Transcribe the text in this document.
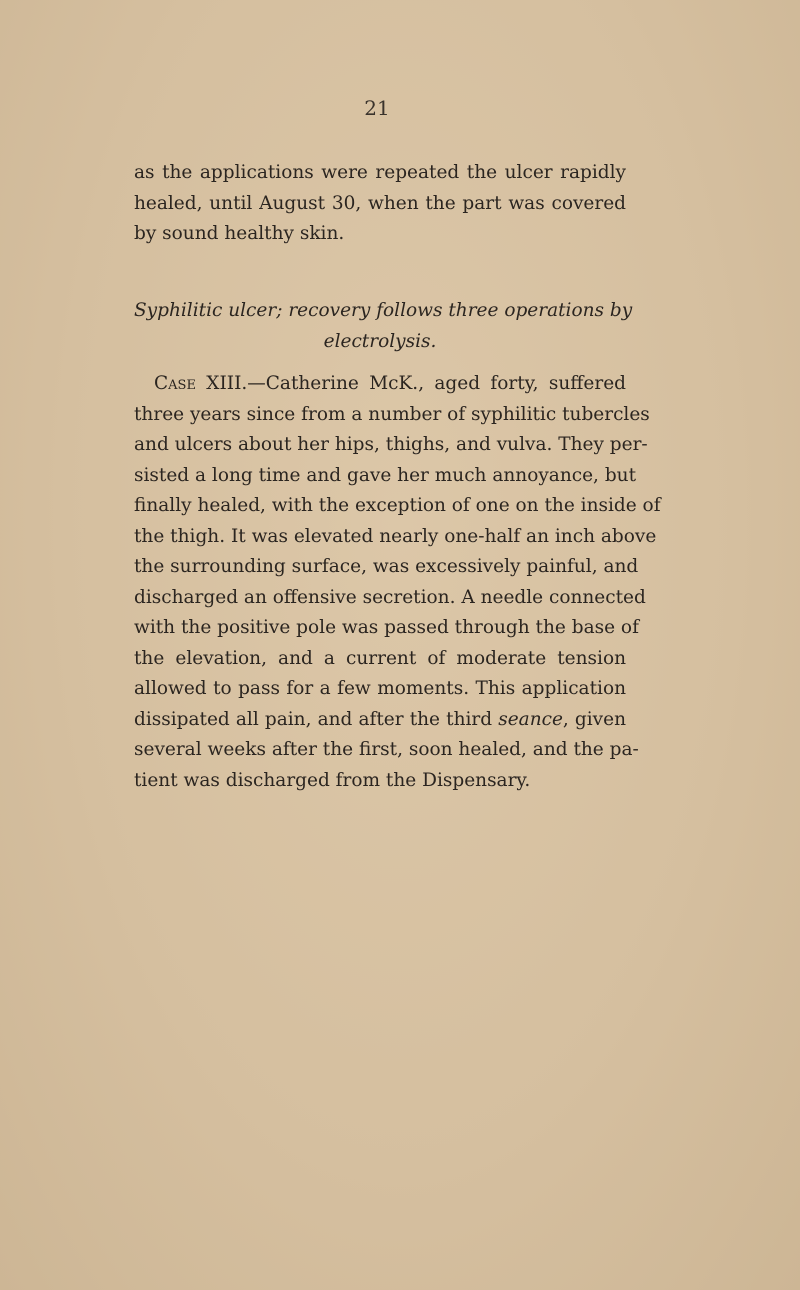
21
as the applications were repeated the ulcer rapidly
healed, until August 30, when the part was covered
by sound healthy skin.
Syphilitic ulcer; recovery follows three operations by
electrolysis.
Case XIII.—Catherine McK., aged forty, suffered
three years since from a number of syphilitic tubercles
and ulcers about her hips, thighs, and vulva. They per-
sisted a long time and gave her much annoyance, but
finally healed, with the exception of one on the inside of
the thigh. It was elevated nearly one-half an inch above
the surrounding surface, was excessively painful, and
discharged an offensive secretion. A needle connected
with the positive pole was passed through the base of
the elevation, and a current of moderate tension
allowed to pass for a few moments. This application
dissipated all pain, and after the third seance, given
several weeks after the first, soon healed, and the pa-
tient was discharged from the Dispensary.
